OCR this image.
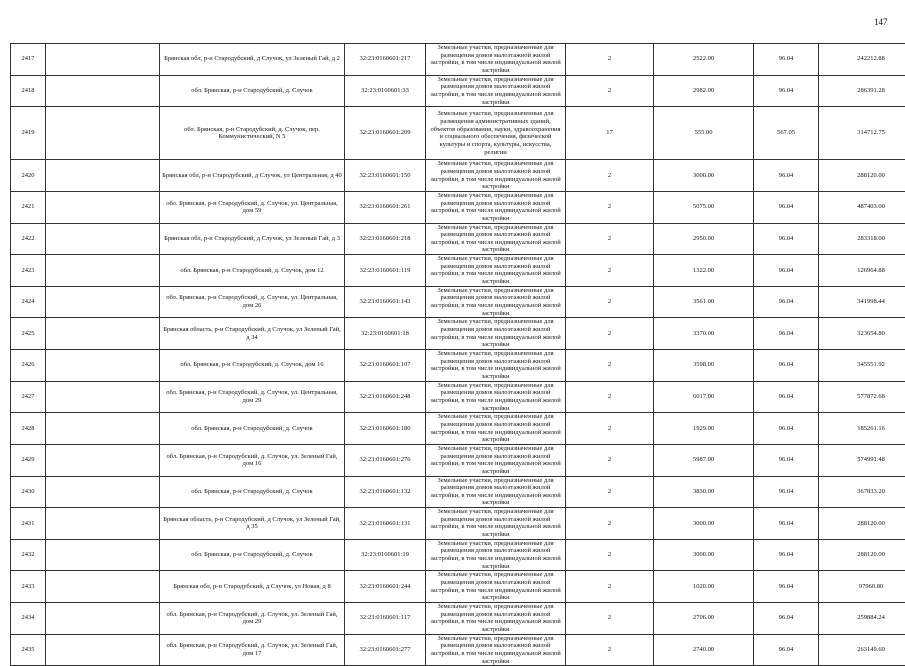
147
2417		Брянская обл, р-н Стародубский, д Случок, ул Зеленый Гай, д 2	32:23:0160601:217	Земельные участки, предназначенные для размещения домов малоэтажной жилой застройки, в том числе индивидуальной жилой застройки	2	2522.00	96.04	242212.88
2418		обл. Брянская, р-н Стародубский, д. Случок	32:23:0160601:33	Земельные участки, предназначенные для размещения домов малоэтажной жилой застройки, в том числе индивидуальной жилой застройки	2	2982.00	96.04	286391.28
2419		обл. Брянская, р-н Стародубский, д. Случок, пер. Коммунистический, N 5	32:23:0160601:209	Земельные участки, предназначенные для размещения административных зданий, объектов образования, науки, здравоохранения и социального обеспечения, физической культуры и спорта, культуры, искусства, религии	17	555.00	567.05	314712.75
2420		Брянская обл, р-н Стародубский, д Случок, ул Центральная, д 40	32:23:0160601:150	Земельные участки, предназначенные для размещения домов малоэтажной жилой застройки, в том числе индивидуальной жилой застройки	2	3000.00	96.04	288120.00
2421		обл. Брянская, р-н Стародубский, д. Случок, ул. Центральная, дом 59	32:23:0160601:261	Земельные участки, предназначенные для размещения домов малоэтажной жилой застройки, в том числе индивидуальной жилой застройки	2	5075.00	96.04	487403.00
2422		Брянская обл, р-н Стародубский, д Случок, ул Зеленый Гай, д 3	32:23:0160601:218	Земельные участки, предназначенные для размещения домов малоэтажной жилой застройки, в том числе индивидуальной жилой застройки	2	2950.00	96.04	283318.00
2423		обл. Брянская, р-н Стародубский, д. Случок, дом 12	32:23:0160601:119	Земельные участки, предназначенные для размещения домов малоэтажной жилой застройки, в том числе индивидуальной жилой застройки	2	1322.00	96.04	126964.88
2424		обл. Брянская, р-н Стародубский, д. Случок, ул. Центральная, дом 26	32:23:0160601:143	Земельные участки, предназначенные для размещения домов малоэтажной жилой застройки, в том числе индивидуальной жилой застройки	2	3561.00	96.04	341998.44
2425		Брянская область, р-н Стародубский, д Случок, ул Зеленый Гай, д 34	32:23:0160601:18	Земельные участки, предназначенные для размещения домов малоэтажной жилой застройки, в том числе индивидуальной жилой застройки	2	3370.00	96.04	323654.80
2426		обл. Брянская, р-н Стародубский, д. Случок, дом 16	32:23:0160601:107	Земельные участки, предназначенные для размещения домов малоэтажной жилой застройки, в том числе индивидуальной жилой застройки	2	3598.00	96.04	345551.92
2427		обл. Брянская, р-н Стародубский, д. Случок, ул. Центральная, дом 29	32:23:0160601:248	Земельные участки, предназначенные для размещения домов малоэтажной жилой застройки, в том числе индивидуальной жилой застройки	2	6017.00	96.04	577872.68
2428		обл. Брянская, р-н Стародубский, д. Случок	32:23:0160601:180	Земельные участки, предназначенные для размещения домов малоэтажной жилой застройки, в том числе индивидуальной жилой застройки	2	1929.00	96.04	185261.16
2429		обл. Брянская, р-н Стародубский, д. Случок, ул. Зеленый Гай, дом 16	32:23:0160601:276	Земельные участки, предназначенные для размещения домов малоэтажной жилой застройки, в том числе индивидуальной жилой застройки	2	5987.00	96.04	574991.48
2430		обл. Брянская, р-н Стародубский, д. Случок	32:23:0160601:132	Земельные участки, предназначенные для размещения домов малоэтажной жилой застройки, в том числе индивидуальной жилой застройки	2	3830.00	96.04	367833.20
2431		Брянская область, р-н Стародубский, д Случок, ул Зеленый Гай, д 35	32:23:0160601:131	Земельные участки, предназначенные для размещения домов малоэтажной жилой застройки, в том числе индивидуальной жилой застройки	2	3000.00	96.04	288120.00
2432		обл. Брянская, р-н Стародубский, д. Случок	32:23:0160601:19	Земельные участки, предназначенные для размещения домов малоэтажной жилой застройки, в том числе индивидуальной жилой застройки	2	3000.00	96.04	288120.00
2433		Брянская обл, р-н Стародубский, д Случок, ул Новая, д 8	32:23:0160601:244	Земельные участки, предназначенные для размещения домов малоэтажной жилой застройки, в том числе индивидуальной жилой застройки	2	1020.00	96.04	97960.80
2434		обл. Брянская, р-н Стародубский, д. Случок, ул. Зеленый Гай, дом 29	32:23:0160601:117	Земельные участки, предназначенные для размещения домов малоэтажной жилой застройки, в том числе индивидуальной жилой застройки	2	2706.00	96.04	259884.24
2435		обл. Брянская, р-н Стародубский, д. Случок, ул. Зеленый Гай, дом 17	32:23:0160601:277	Земельные участки, предназначенные для размещения домов малоэтажной жилой застройки, в том числе индивидуальной жилой застройки	2	2740.00	96.04	263149.60
